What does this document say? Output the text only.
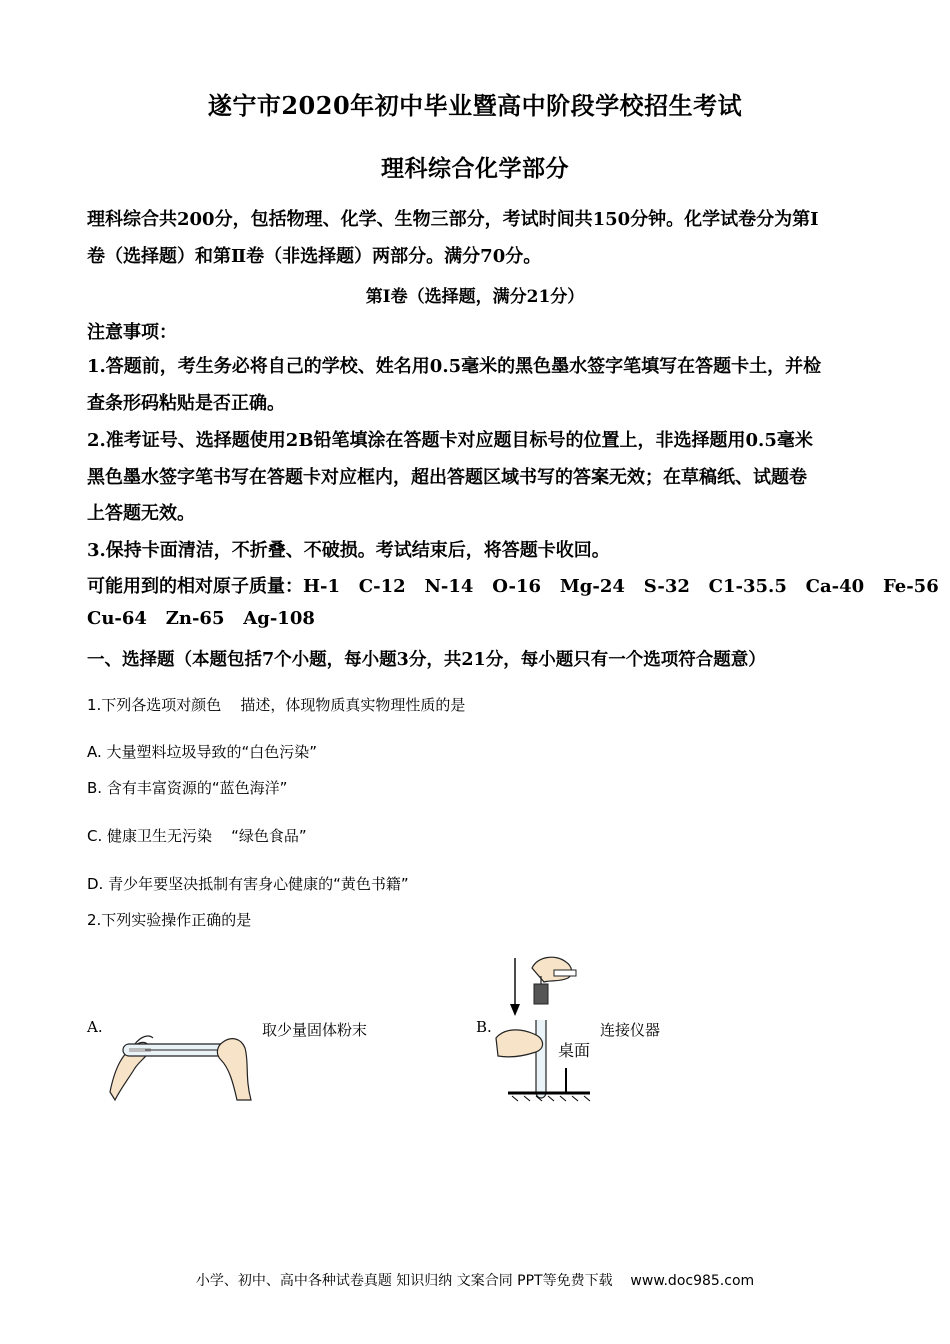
遂宁市2020年初中毕业暨高中阶段学校招生考试
理科综合化学部分
理科综合共200分，包括物理、化学、生物三部分，考试时间共150分钟。化学试卷分为第I
卷（选择题）和第Ⅱ卷（非选择题）两部分。满分70分。
第I卷（选择题，满分21分）
注意事项：
1.答题前，考生务必将自己的学校、姓名用0.5毫米的黑色墨水签字笔填写在答题卡土，并检
查条形码粘贴是否正确。
2.准考证号、选择题使用2B铅笔填涂在答题卡对应题目标号的位置上，非选择题用0.5毫米
黑色墨水签字笔书写在答题卡对应框内，超出答题区域书写的答案无效；在草稿纸、试题卷
上答题无效。
3.保持卡面清洁，不折叠、不破损。考试结束后，将答题卡收回。
可能用到的相对原子质量：H-1   C-12   N-14   O-16   Mg-24   S-32   C1-35.5   Ca-40   Fe-56
Cu-64   Zn-65   Ag-108
一、选择题（本题包括7个小题，每小题3分，共21分，每小题只有一个选项符合题意）
1.下列各选项对颜色    描述，体现物质真实物理性质的是
A. 大量塑料垃圾导致的“白色污染”
B. 含有丰富资源的“蓝色海洋”
C. 健康卫生无污染    “绿色食品”
D. 青少年要坚决抵制有害身心健康的“黄色书籍”
2.下列实验操作正确的是
A.	取少量固体粉末	B.
桌面
连接仪器
小学、初中、高中各种试卷真题 知识归纳 文案合同 PPT等免费下载    www.doc985.com
